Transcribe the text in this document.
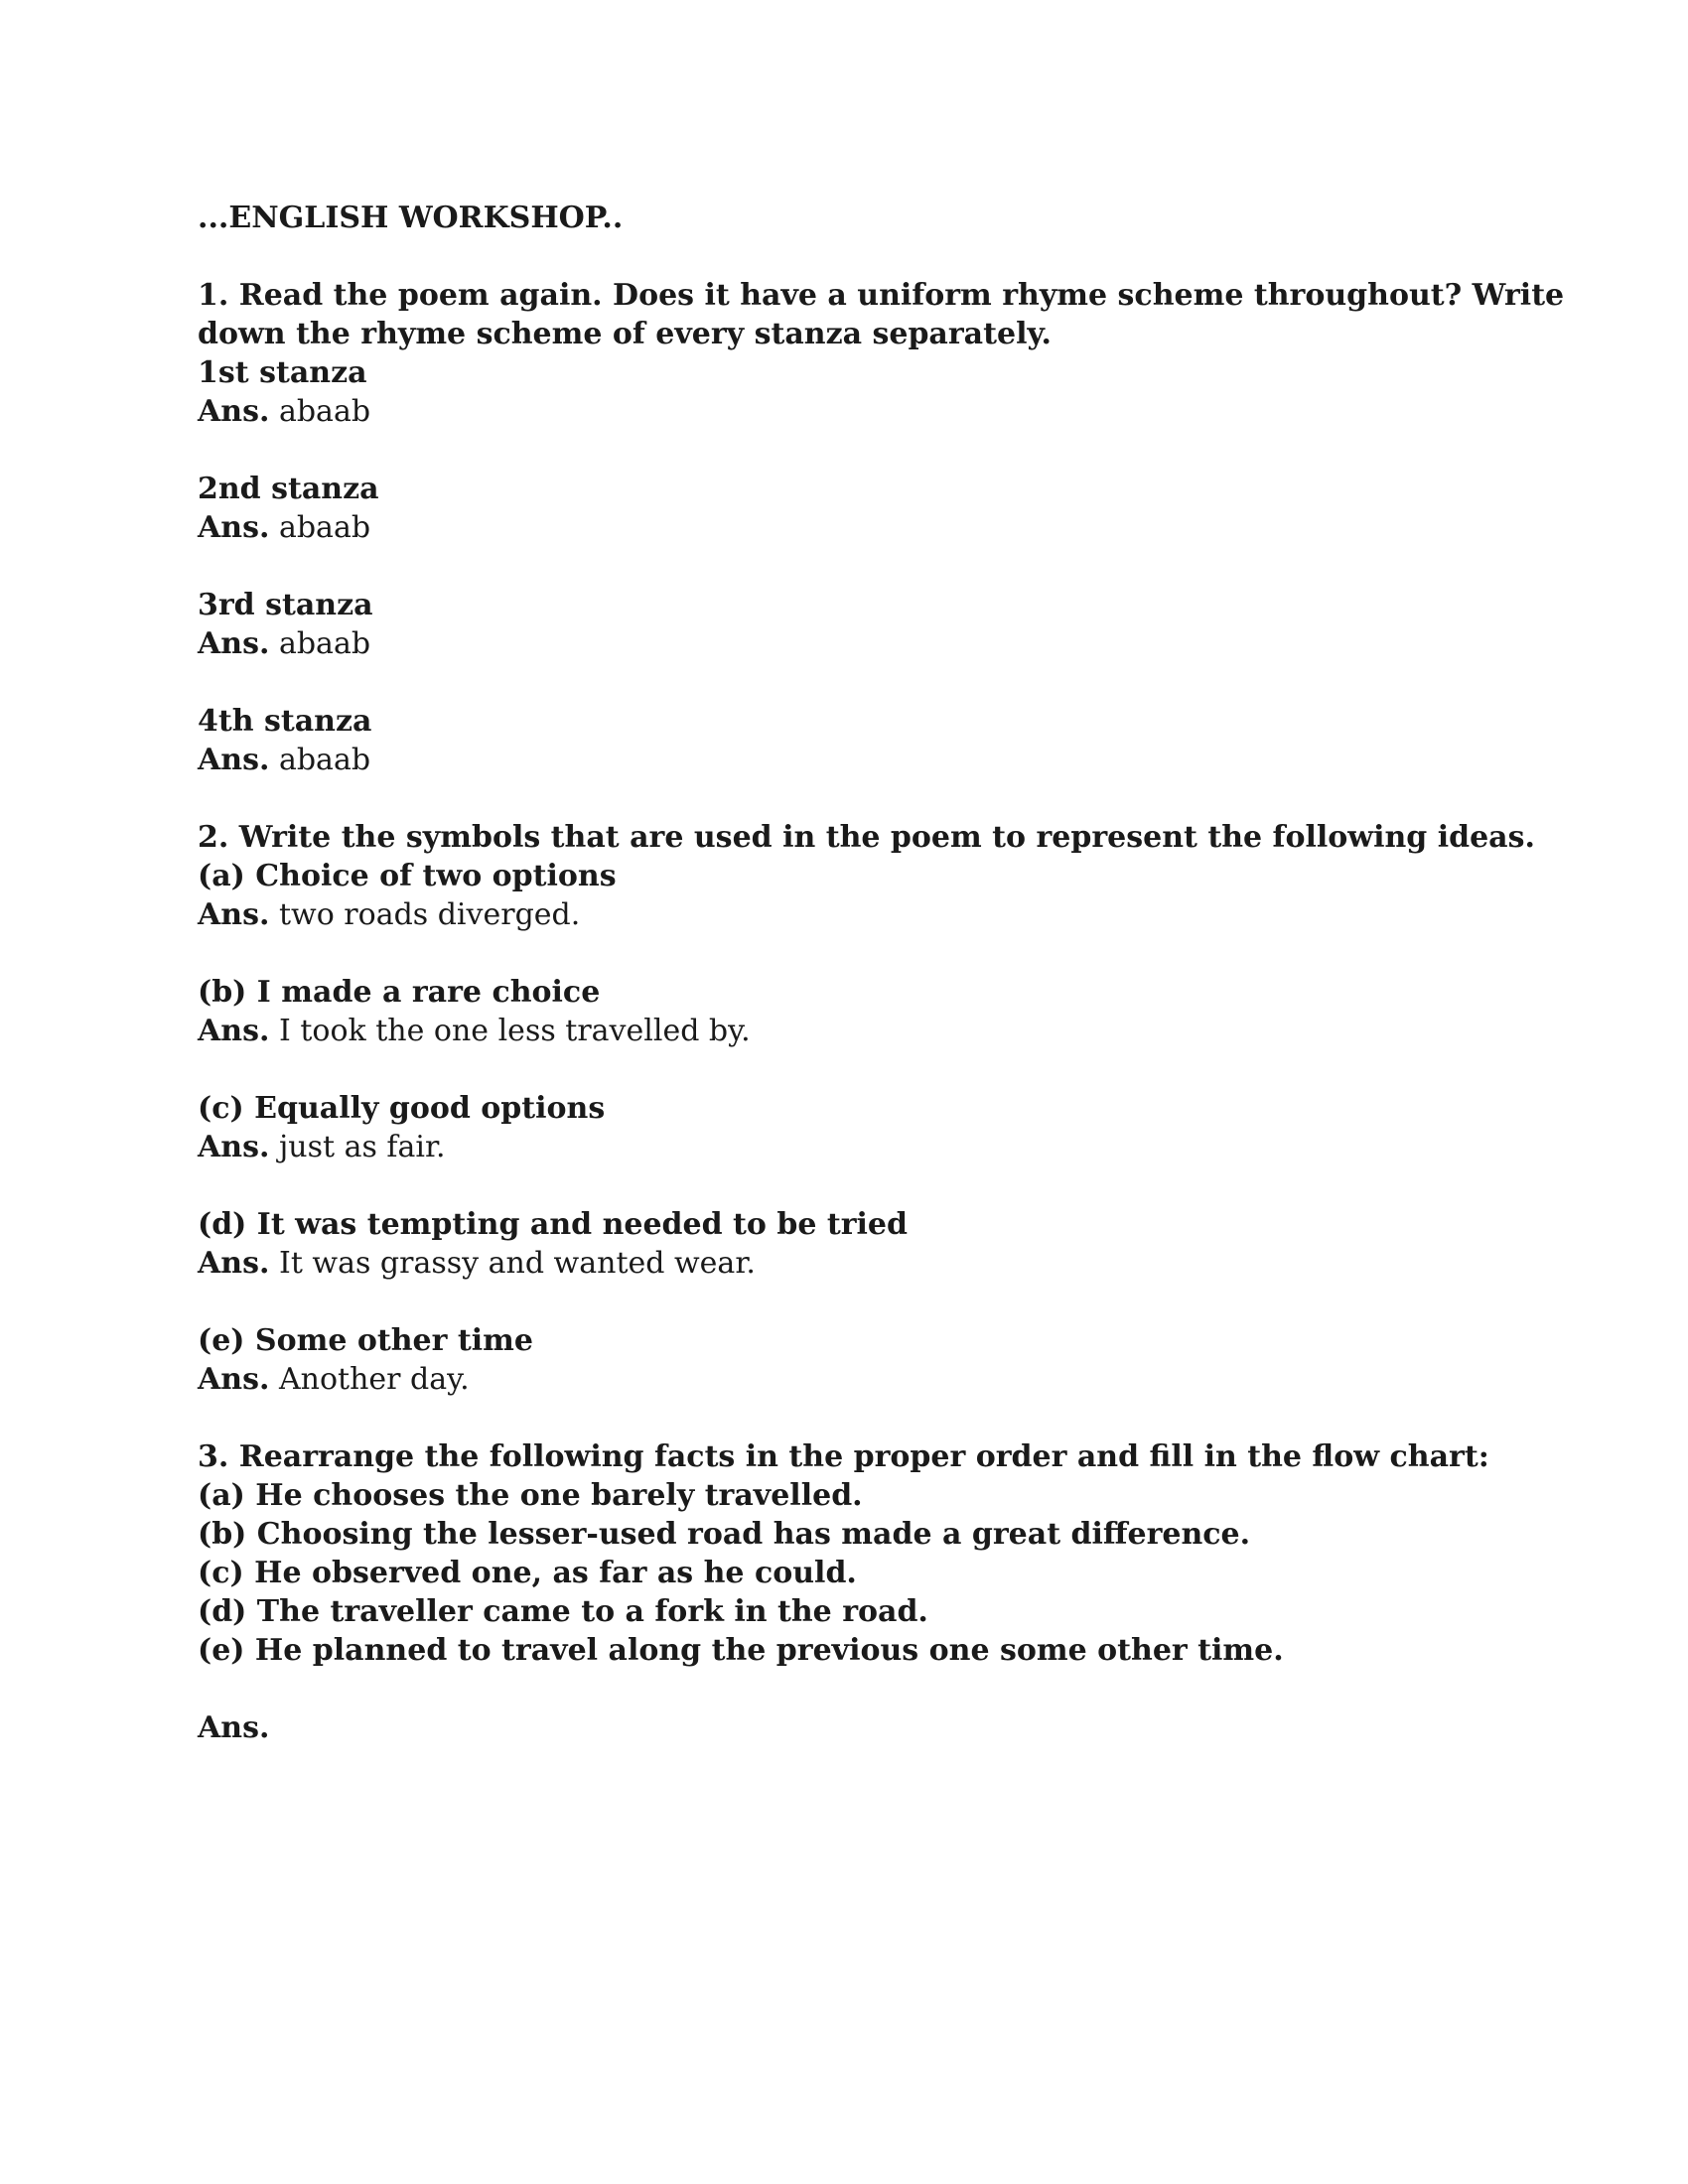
...ENGLISH WORKSHOP..
1. Read the poem again. Does it have a uniform rhyme scheme throughout? Write
down the rhyme scheme of every stanza separately.
1st stanza
Ans. abaab
2nd stanza
Ans. abaab
3rd stanza
Ans. abaab
4th stanza
Ans. abaab
2. Write the symbols that are used in the poem to represent the following ideas.
(a) Choice of two options
Ans. two roads diverged.
(b) I made a rare choice
Ans. I took the one less travelled by.
(c) Equally good options
Ans. just as fair.
(d) It was tempting and needed to be tried
Ans. It was grassy and wanted wear.
(e) Some other time
Ans. Another day.
3. Rearrange the following facts in the proper order and fill in the flow chart:
(a) He chooses the one barely travelled.
(b) Choosing the lesser-used road has made a great difference.
(c) He observed one, as far as he could.
(d) The traveller came to a fork in the road.
(e) He planned to travel along the previous one some other time.
Ans.
